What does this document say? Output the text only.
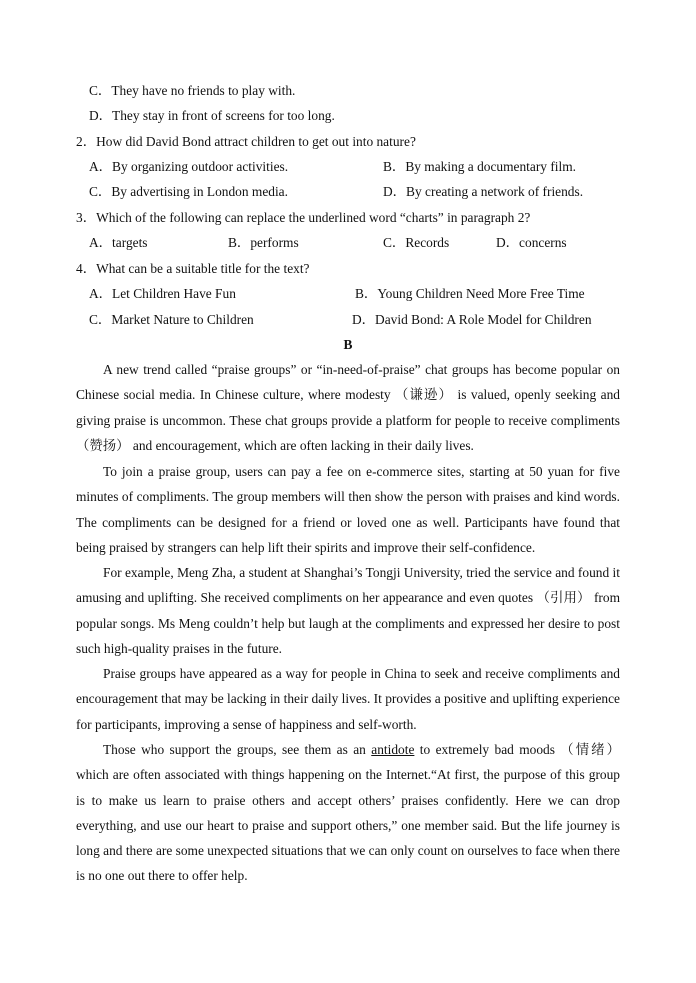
C．They have no friends to play with.
D．They stay in front of screens for too long.
2．How did David Bond attract children to get out into nature?
A．By organizing outdoor activities.	B．By making a documentary film.
C．By advertising in London media.	D．By creating a network of friends.
3．Which of the following can replace the underlined word “charts” in paragraph 2?
A．targets	B．performs	C．Records	D．concerns
4．What can be a suitable title for the text?
A．Let Children Have Fun	B．Young Children Need More Free Time
C．Market Nature to Children	D．David Bond: A Role Model for Children
B

A new trend called “praise groups” or “in-need-of-praise” chat groups has become popular on Chinese social media. In Chinese culture, where modesty （谦逊） is valued, openly seeking and giving praise is uncommon. These chat groups provide a platform for people to receive compliments （赞扬） and encouragement, which are often lacking in their daily lives.

To join a praise group, users can pay a fee on e-commerce sites, starting at 50 yuan for five minutes of compliments. The group members will then show the person with praises and kind words. The compliments can be designed for a friend or loved one as well. Participants have found that being praised by strangers can help lift their spirits and improve their self-confidence.

For example, Meng Zha, a student at Shanghai’s Tongji University, tried the service and found it amusing and uplifting. She received compliments on her appearance and even quotes （引用） from popular songs. Ms Meng couldn’t help but laugh at the compliments and expressed her desire to post such high-quality praises in the future.

Praise groups have appeared as a way for people in China to seek and receive compliments and encouragement that may be lacking in their daily lives. It provides a positive and uplifting experience for participants, improving a sense of happiness and self-worth.

Those who support the groups, see them as an antidote to extremely bad moods （情绪） which are often associated with things happening on the Internet.“At first, the purpose of this group is to make us learn to praise others and accept others’ praises confidently. Here we can drop everything, and use our heart to praise and support others,” one member said. But the life journey is long and there are some unexpected situations that we can only count on ourselves to face when there is no one out there to offer help.
